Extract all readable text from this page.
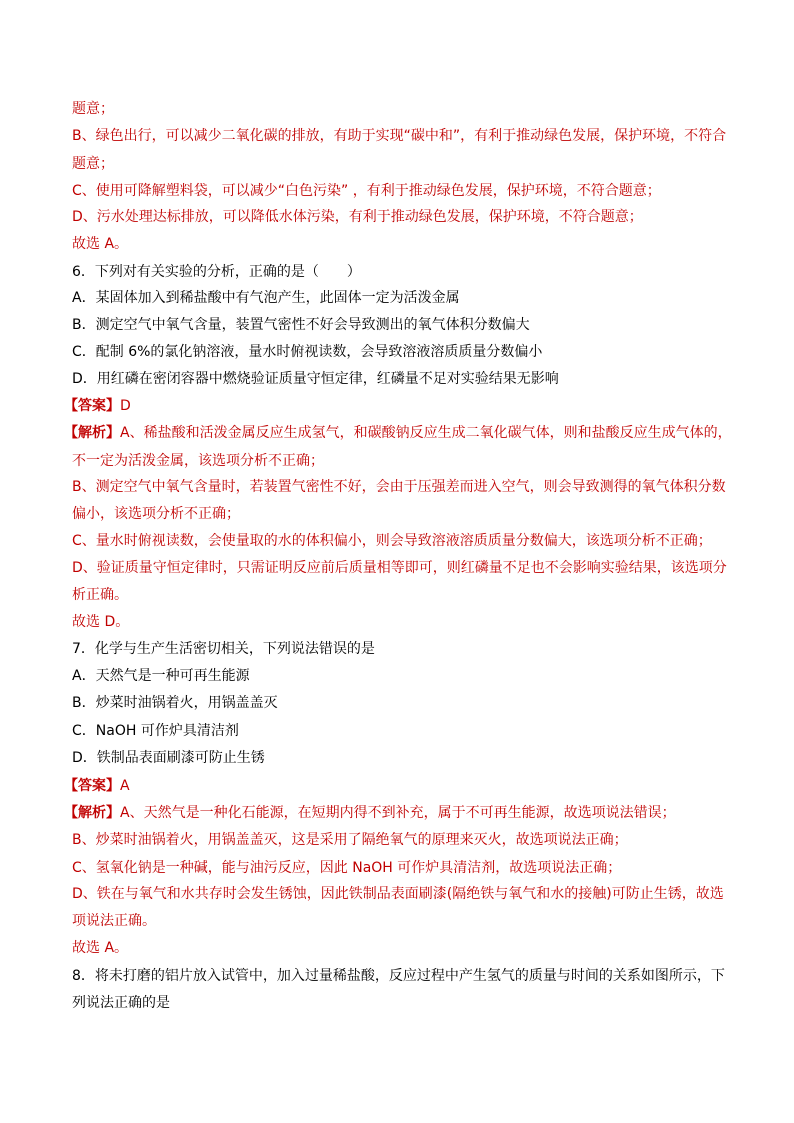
题意；
B、绿色出行，可以减少二氧化碳的排放，有助于实现“碳中和”，有利于推动绿色发展，保护环境，不符合
题意；
C、使用可降解塑料袋，可以减少“白色污染” ，有利于推动绿色发展，保护环境，不符合题意；
D、污水处理达标排放，可以降低水体污染，有利于推动绿色发展，保护环境，不符合题意；
故选 A。
6．下列对有关实验的分析，正确的是（　　）
A．某固体加入到稀盐酸中有气泡产生，此固体一定为活泼金属
B．测定空气中氧气含量，装置气密性不好会导致测出的氧气体积分数偏大
C．配制 6%的氯化钠溶液，量水时俯视读数，会导致溶液溶质质量分数偏小
D．用红磷在密闭容器中燃烧验证质量守恒定律，红磷量不足对实验结果无影响
【答案】D
【解析】A、稀盐酸和活泼金属反应生成氢气，和碳酸钠反应生成二氧化碳气体，则和盐酸反应生成气体的，
不一定为活泼金属，该选项分析不正确；
B、测定空气中氧气含量时，若装置气密性不好，会由于压强差而进入空气，则会导致测得的氧气体积分数
偏小，该选项分析不正确；
C、量水时俯视读数，会使量取的水的体积偏小，则会导致溶液溶质质量分数偏大，该选项分析不正确；
D、验证质量守恒定律时，只需证明反应前后质量相等即可，则红磷量不足也不会影响实验结果，该选项分
析正确。
故选 D。
7．化学与生产生活密切相关，下列说法错误的是
A．天然气是一种可再生能源
B．炒菜时油锅着火，用锅盖盖灭
C．NaOH 可作炉具清洁剂
D．铁制品表面刷漆可防止生锈
【答案】A
【解析】A、天然气是一种化石能源，在短期内得不到补充，属于不可再生能源，故选项说法错误；
B、炒菜时油锅着火，用锅盖盖灭，这是采用了隔绝氧气的原理来灭火，故选项说法正确；
C、氢氧化钠是一种碱，能与油污反应，因此 NaOH 可作炉具清洁剂，故选项说法正确；
D、铁在与氧气和水共存时会发生锈蚀，因此铁制品表面刷漆(隔绝铁与氧气和水的接触)可防止生锈，故选
项说法正确。
故选 A。
8．将未打磨的铝片放入试管中，加入过量稀盐酸，反应过程中产生氢气的质量与时间的关系如图所示，下
列说法正确的是
